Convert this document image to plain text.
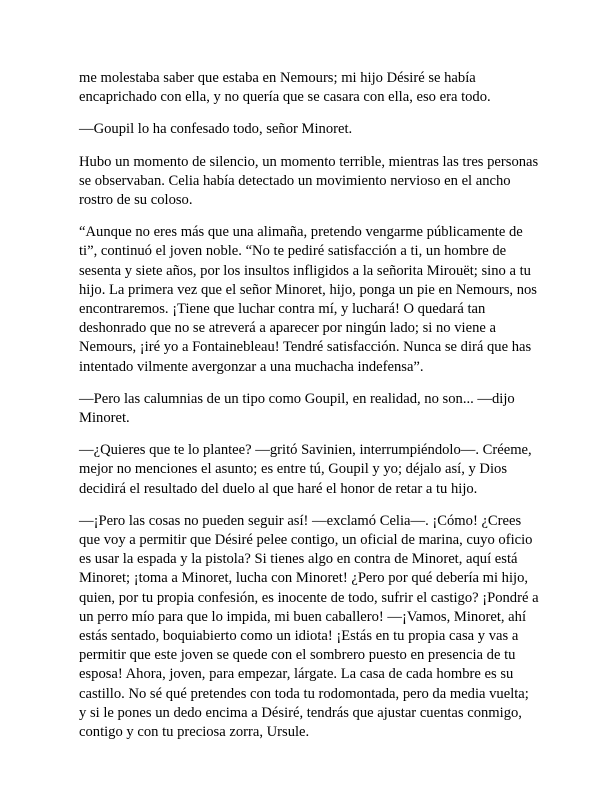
me molestaba saber que estaba en Nemours; mi hijo Désiré se había encaprichado con ella, y no quería que se casara con ella, eso era todo.

—Goupil lo ha confesado todo, señor Minoret.

Hubo un momento de silencio, un momento terrible, mientras las tres personas se observaban. Celia había detectado un movimiento nervioso en el ancho rostro de su coloso.

“Aunque no eres más que una alimaña, pretendo vengarme públicamente de ti”, continuó el joven noble. “No te pediré satisfacción a ti, un hombre de sesenta y siete años, por los insultos infligidos a la señorita Mirouët; sino a tu hijo. La primera vez que el señor Minoret, hijo, ponga un pie en Nemours, nos encontraremos. ¡Tiene que luchar contra mí, y luchará! O quedará tan deshonrado que no se atreverá a aparecer por ningún lado; si no viene a Nemours, ¡iré yo a Fontainebleau! Tendré satisfacción. Nunca se dirá que has intentado vilmente avergonzar a una muchacha indefensa”.

—Pero las calumnias de un tipo como Goupil, en realidad, no son... —dijo Minoret.

—¿Quieres que te lo plantee? —gritó Savinien, interrumpiéndolo—. Créeme, mejor no menciones el asunto; es entre tú, Goupil y yo; déjalo así, y Dios decidirá el resultado del duelo al que haré el honor de retar a tu hijo.

—¡Pero las cosas no pueden seguir así! —exclamó Celia—. ¡Cómo! ¿Crees que voy a permitir que Désiré pelee contigo, un oficial de marina, cuyo oficio es usar la espada y la pistola? Si tienes algo en contra de Minoret, aquí está Minoret; ¡toma a Minoret, lucha con Minoret! ¿Pero por qué debería mi hijo, quien, por tu propia confesión, es inocente de todo, sufrir el castigo? ¡Pondré a un perro mío para que lo impida, mi buen caballero! —¡Vamos, Minoret, ahí estás sentado, boquiabierto como un idiota! ¡Estás en tu propia casa y vas a permitir que este joven se quede con el sombrero puesto en presencia de tu esposa! Ahora, joven, para empezar, lárgate. La casa de cada hombre es su castillo. No sé qué pretendes con toda tu rodomontada, pero da media vuelta; y si le pones un dedo encima a Désiré, tendrás que ajustar cuentas conmigo, contigo y con tu preciosa zorra, Ursule.
